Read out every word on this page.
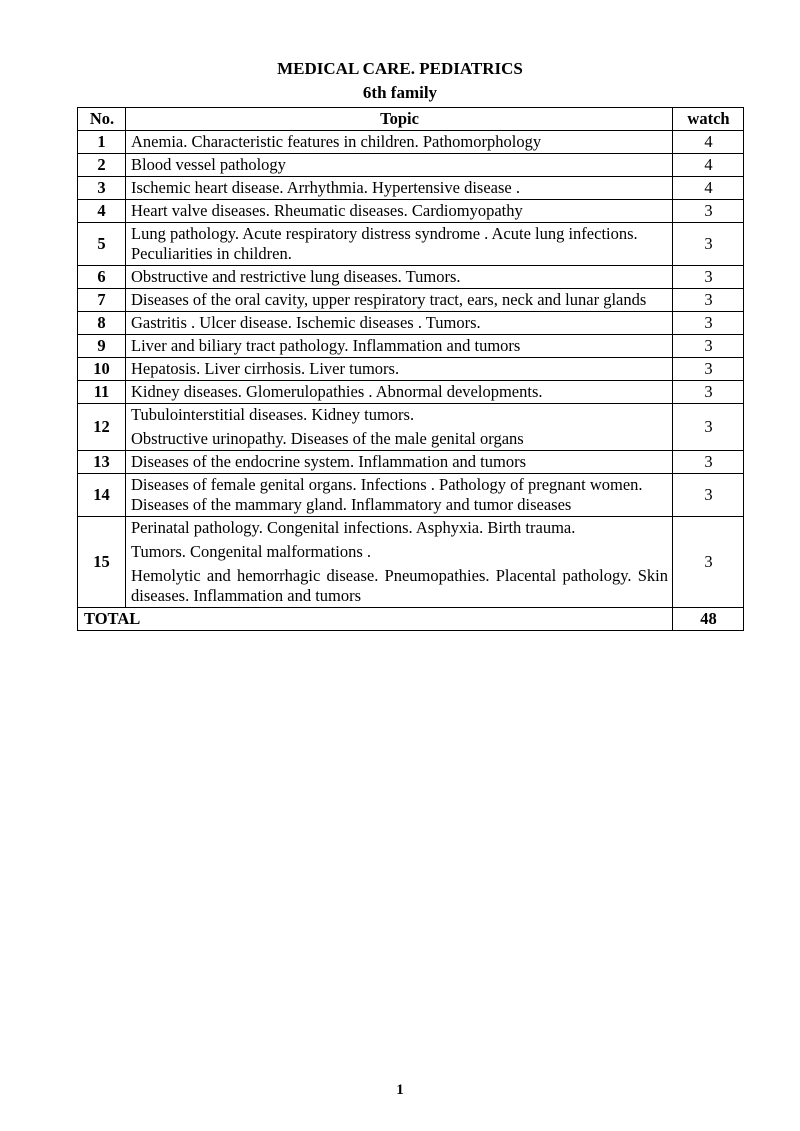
MEDICAL CARE. PEDIATRICS
6th family
No.	Topic	watch
1	Anemia. Characteristic features in children. Pathomorphology	4
2	Blood vessel pathology	4
3	Ischemic heart disease. Arrhythmia. Hypertensive disease .	4
4	Heart valve diseases. Rheumatic diseases. Cardiomyopathy	3
5	Lung pathology. Acute respiratory distress syndrome . Acute lung infections. Peculiarities in children.	3
6	Obstructive and restrictive lung diseases. Tumors.	3
7	Diseases of the oral cavity, upper respiratory tract, ears, neck and lunar glands	3
8	Gastritis . Ulcer disease. Ischemic diseases . Tumors.	3
9	Liver and biliary tract pathology. Inflammation and tumors	3
10	Hepatosis. Liver cirrhosis. Liver tumors.	3
11	Kidney diseases. Glomerulopathies . Abnormal developments.	3
12	Tubulointerstitial diseases. Kidney tumors.
Obstructive urinopathy. Diseases of the male genital organs	3
13	Diseases of the endocrine system. Inflammation and tumors	3
14	Diseases of female genital organs. Infections . Pathology of pregnant women. Diseases of the mammary gland. Inflammatory and tumor diseases	3
15	Perinatal pathology. Congenital infections. Asphyxia. Birth trauma.
Tumors. Congenital malformations .
Hemolytic and hemorrhagic disease. Pneumopathies. Placental pathology. Skin diseases. Inflammation and tumors	3
TOTAL		48
1
